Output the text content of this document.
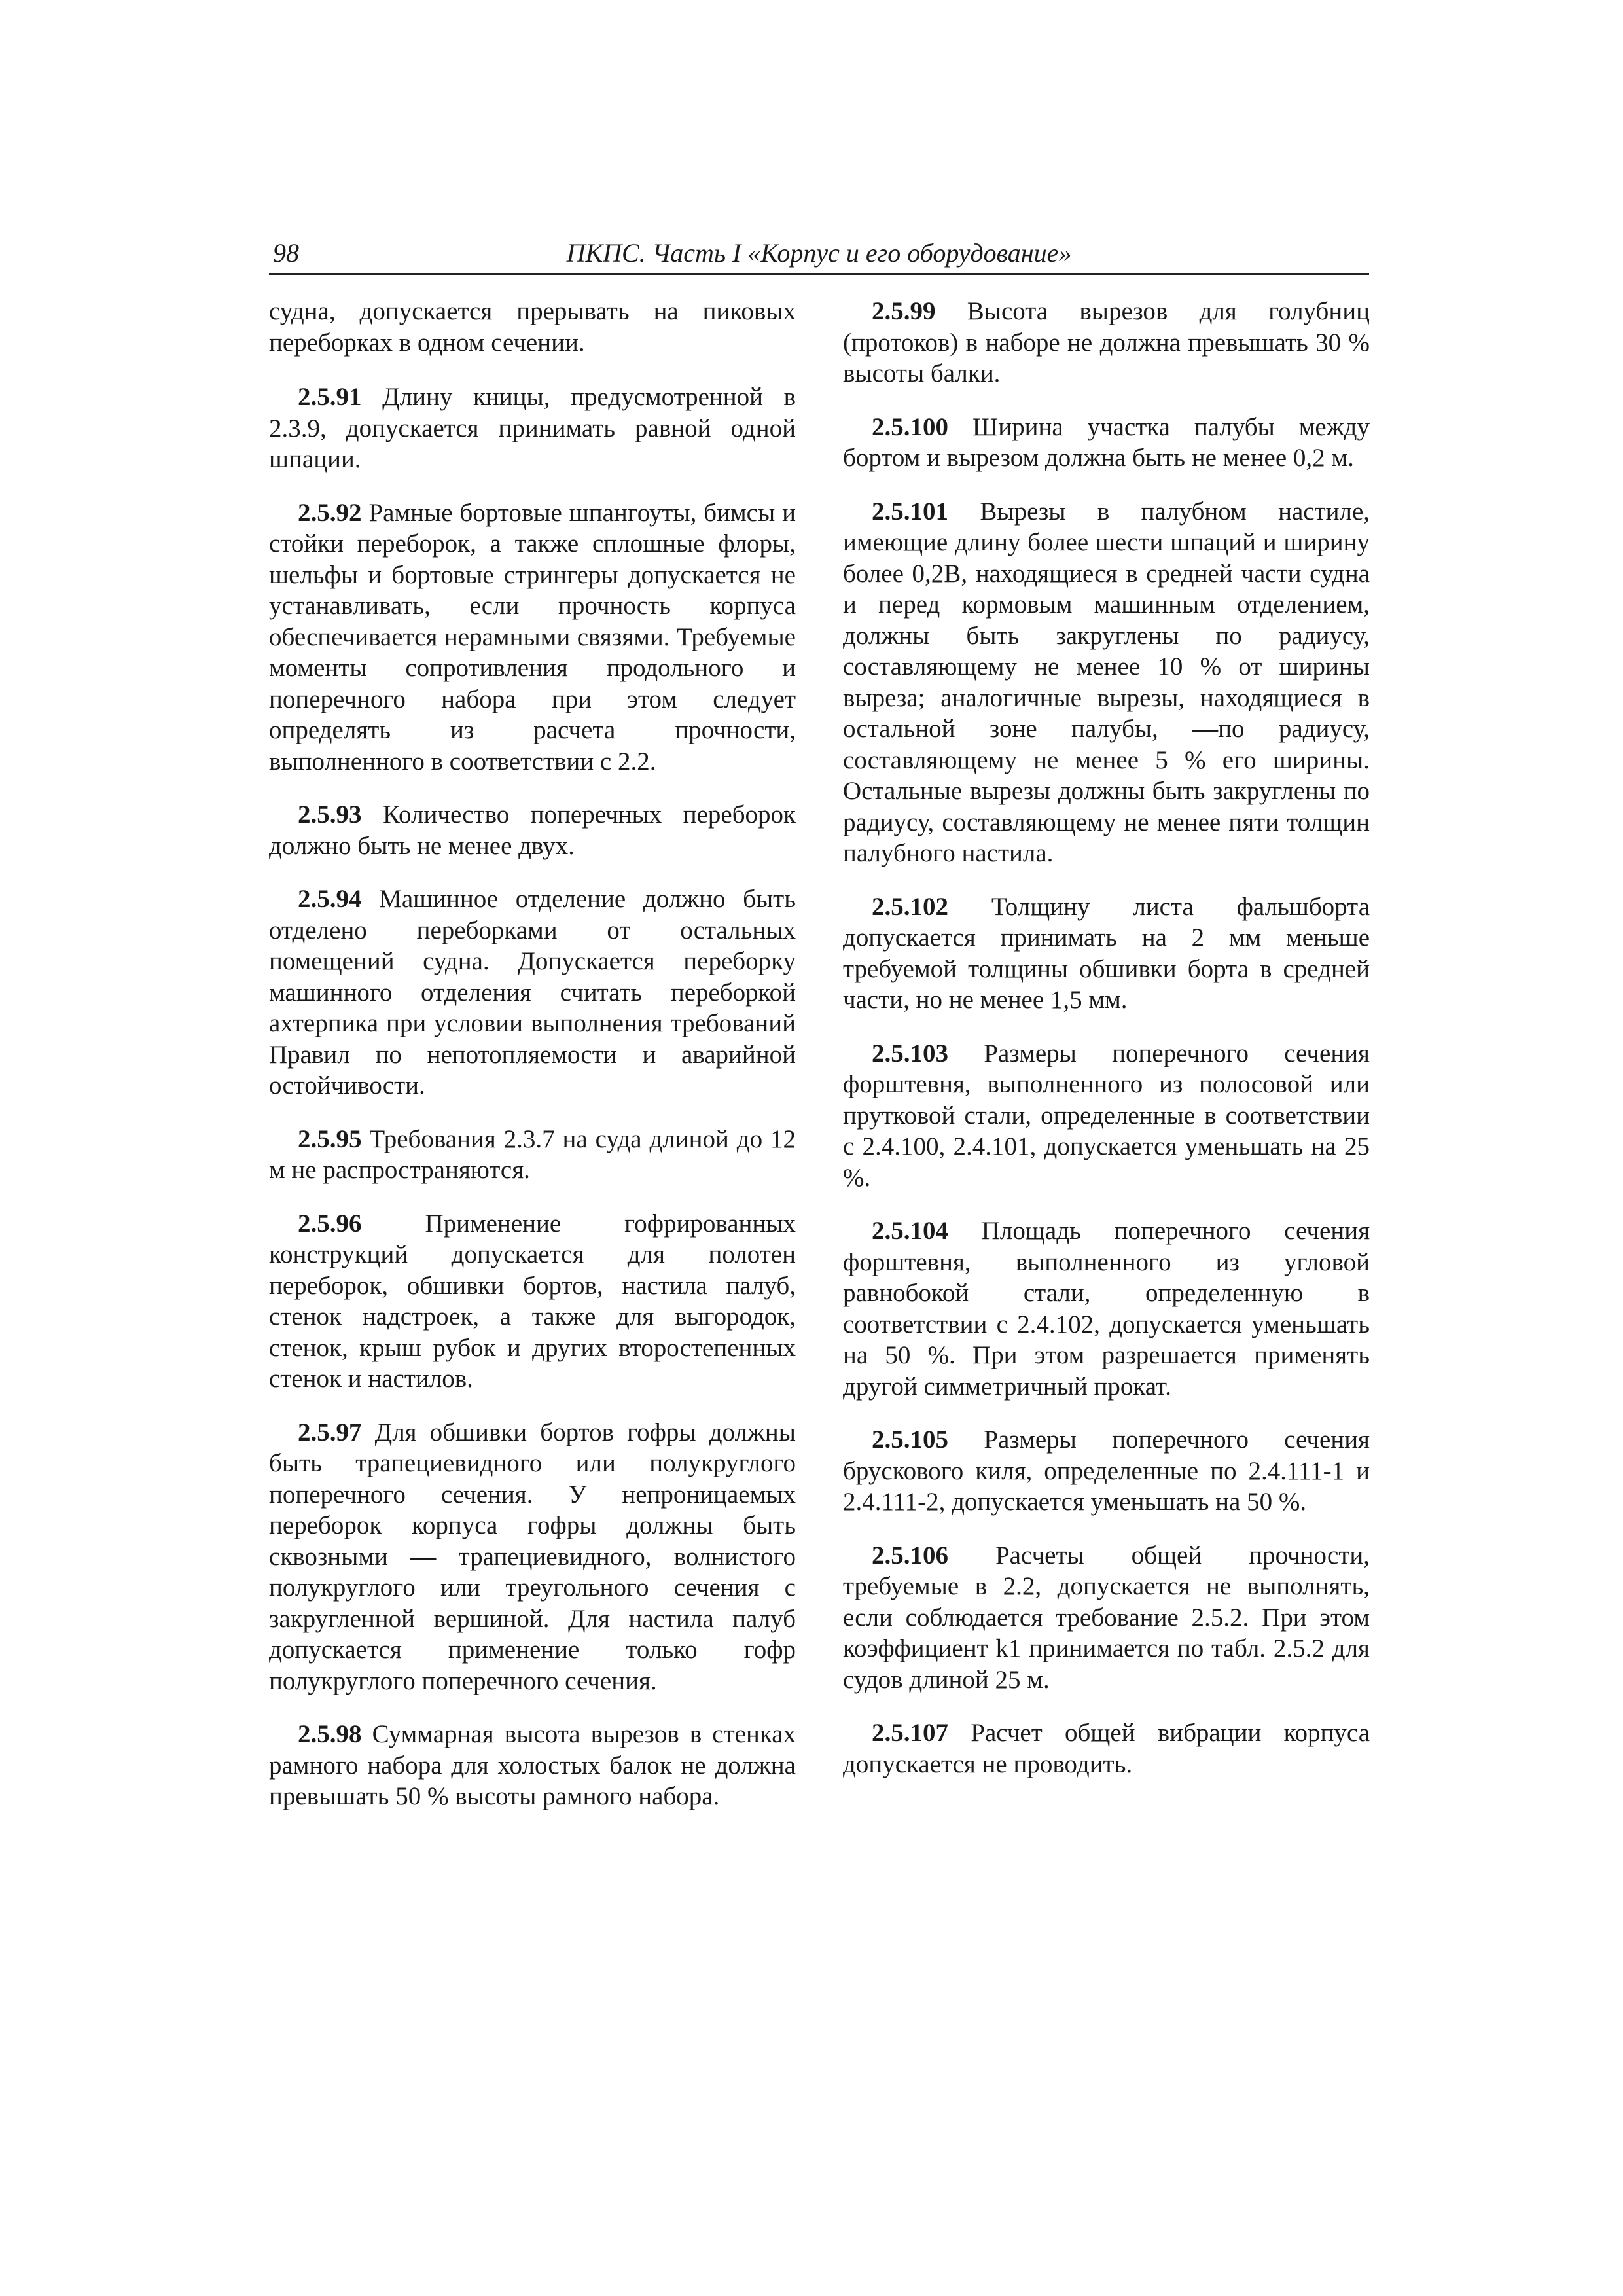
98	ПКПС. Часть I «Корпус и его оборудование»

судна, допускается прерывать на пиковых переборках в одном сечении.

2.5.91 Длину кницы, предусмотренной в 2.3.9, допускается принимать равной одной шпации.

2.5.92 Рамные бортовые шпангоуты, бимсы и стойки переборок, а также сплошные флоры, шельфы и бортовые стрингеры допускается не устанавливать, если прочность корпуса обеспечивается нерамными связями. Требуемые моменты сопротивления продольного и поперечного набора при этом следует определять из расчета прочности, выполненного в соответствии с 2.2.

2.5.93 Количество поперечных переборок должно быть не менее двух.

2.5.94 Машинное отделение должно быть отделено переборками от остальных помещений судна. Допускается переборку машинного отделения считать переборкой ахтерпика при условии выполнения требований Правил по непотопляемости и аварийной остойчивости.

2.5.95 Требования 2.3.7 на суда длиной до 12 м не распространяются.

2.5.96 Применение гофрированных конструкций допускается для полотен переборок, обшивки бортов, настила палуб, стенок надстроек, а также для выгородок, стенок, крыш рубок и других второстепенных стенок и настилов.

2.5.97 Для обшивки бортов гофры должны быть трапециевидного или полукруглого поперечного сечения. У непроницаемых переборок корпуса гофры должны быть сквозными — трапециевидного, волнистого полукруглого или треугольного сечения с закругленной вершиной. Для настила палуб допускается применение только гофр полукруглого поперечного сечения.

2.5.98 Суммарная высота вырезов в стенках рамного набора для холостых балок не должна превышать 50 % высоты рамного набора.

2.5.99 Высота вырезов для голубниц (протоков) в наборе не должна превышать 30 % высоты балки.

2.5.100 Ширина участка палубы между бортом и вырезом должна быть не менее 0,2 м.

2.5.101 Вырезы в палубном настиле, имеющие длину более шести шпаций и ширину более 0,2B, находящиеся в средней части судна и перед кормовым машинным отделением, должны быть закруглены по радиусу, составляющему не менее 10 % от ширины выреза; аналогичные вырезы, находящиеся в остальной зоне палубы, —по радиусу, составляющему не менее 5 % его ширины. Остальные вырезы должны быть закруглены по радиусу, составляющему не менее пяти толщин палубного настила.

2.5.102 Толщину листа фальшборта допускается принимать на 2 мм меньше требуемой толщины обшивки борта в средней части, но не менее 1,5 мм.

2.5.103 Размеры поперечного сечения форштевня, выполненного из полосовой или прутковой стали, определенные в соответствии с 2.4.100, 2.4.101, допускается уменьшать на 25 %.

2.5.104 Площадь поперечного сечения форштевня, выполненного из угловой равнобокой стали, определенную в соответствии с 2.4.102, допускается уменьшать на 50 %. При этом разрешается применять другой симметричный прокат.

2.5.105 Размеры поперечного сечения брускового киля, определенные по 2.4.111-1 и 2.4.111-2, допускается уменьшать на 50 %.

2.5.106 Расчеты общей прочности, требуемые в 2.2, допускается не выполнять, если соблюдается требование 2.5.2. При этом коэффициент k1 принимается по табл. 2.5.2 для судов длиной 25 м.

2.5.107 Расчет общей вибрации корпуса допускается не проводить.
